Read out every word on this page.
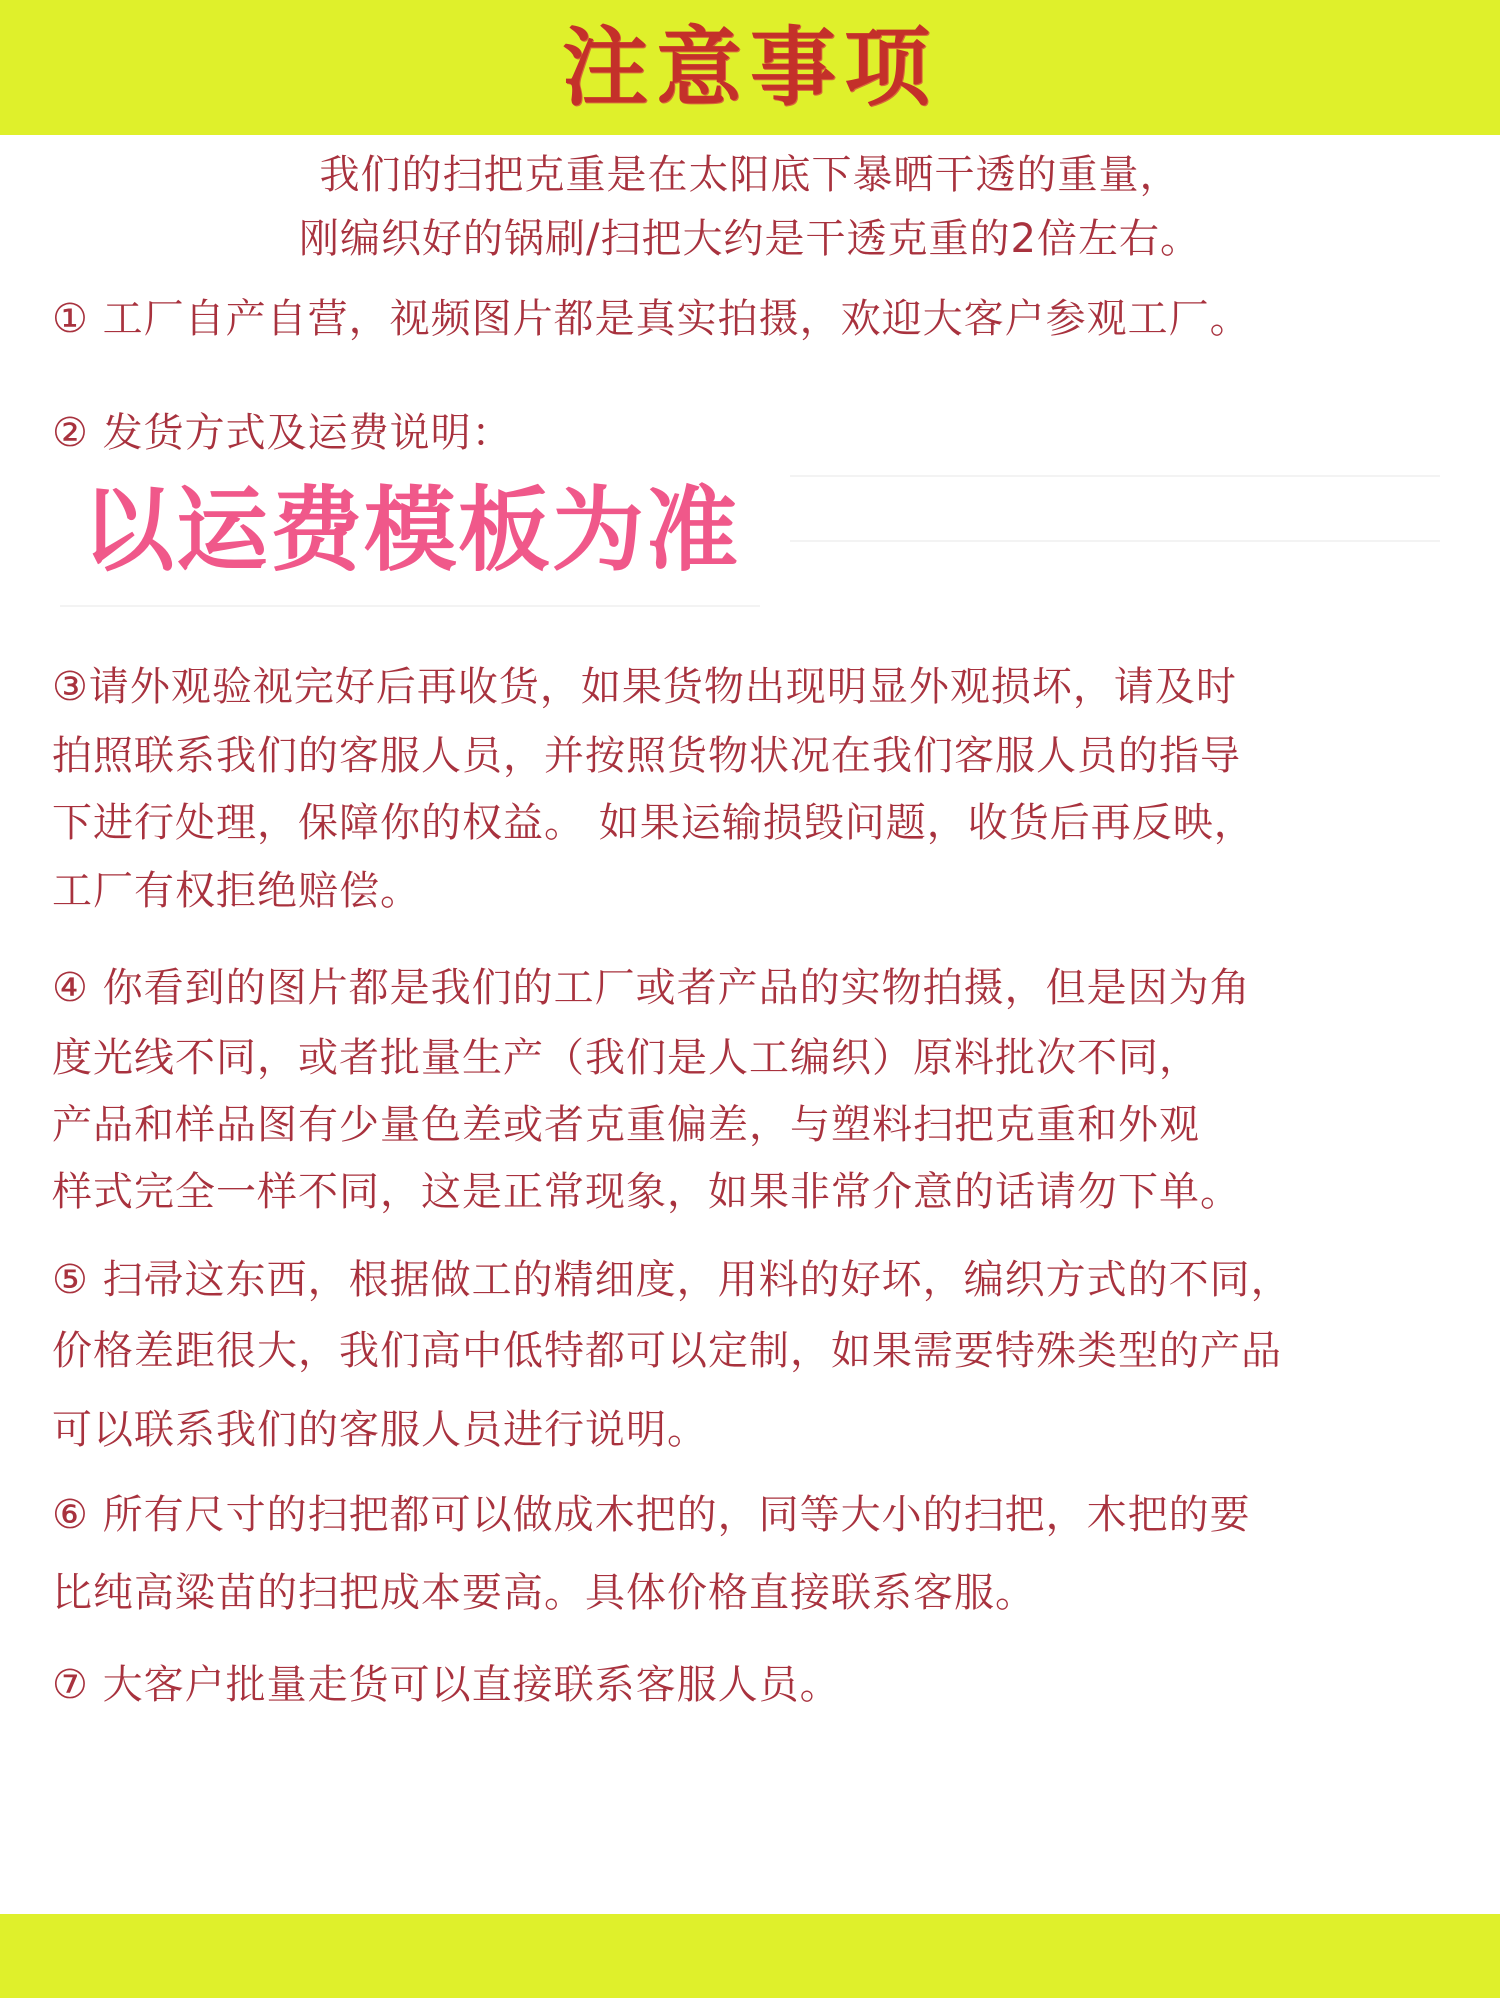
注意事项
我们的扫把克重是在太阳底下暴晒干透的重量，
刚编织好的锅刷/扫把大约是干透克重的2倍左右。
① 工厂自产自营，视频图片都是真实拍摄，欢迎大客户参观工厂。
② 发货方式及运费说明：
以运费模板为准
③请外观验视完好后再收货，如果货物出现明显外观损坏，请及时
拍照联系我们的客服人员，并按照货物状况在我们客服人员的指导
下进行处理，保障你的权益。 如果运输损毁问题，收货后再反映，
工厂有权拒绝赔偿。
④ 你看到的图片都是我们的工厂或者产品的实物拍摄，但是因为角
度光线不同，或者批量生产（我们是人工编织）原料批次不同，
产品和样品图有少量色差或者克重偏差，与塑料扫把克重和外观
样式完全一样不同，这是正常现象，如果非常介意的话请勿下单。
⑤ 扫帚这东西，根据做工的精细度，用料的好坏，编织方式的不同，
价格差距很大，我们高中低特都可以定制，如果需要特殊类型的产品
可以联系我们的客服人员进行说明。
⑥ 所有尺寸的扫把都可以做成木把的，同等大小的扫把，木把的要
比纯高粱苗的扫把成本要高。具体价格直接联系客服。
⑦ 大客户批量走货可以直接联系客服人员。
